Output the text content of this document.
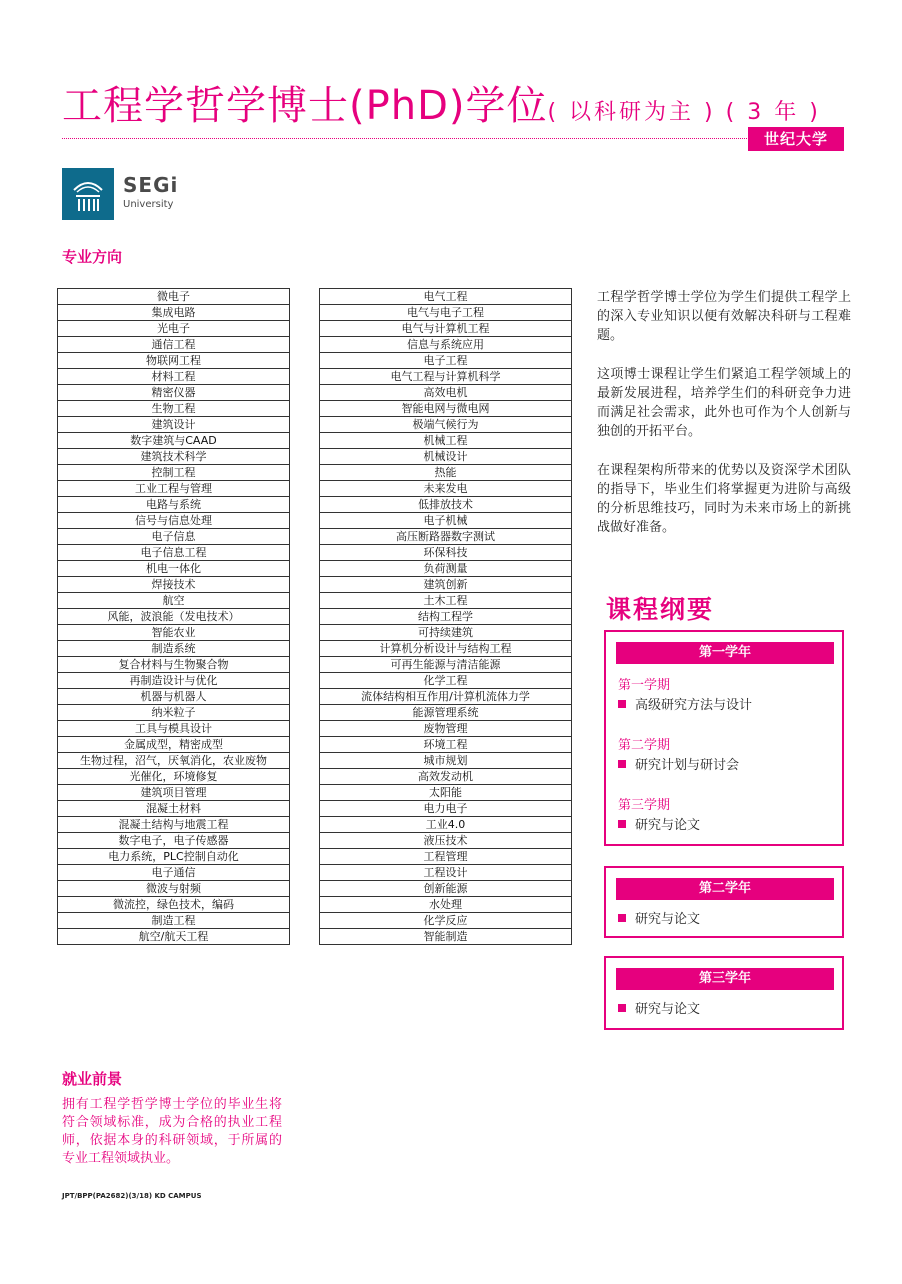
工程学哲学博士(PhD)学位( 以科研为主 ) ( 3 年 )
世纪大学
SEGi
University
专业方向
微电子
集成电路
光电子
通信工程
物联网工程
材料工程
精密仪器
生物工程
建筑设计
数字建筑与CAAD
建筑技术科学
控制工程
工业工程与管理
电路与系统
信号与信息处理
电子信息
电子信息工程
机电一体化
焊接技术
航空
风能，波浪能（发电技术）
智能农业
制造系统
复合材料与生物聚合物
再制造设计与优化
机器与机器人
纳米粒子
工具与模具设计
金属成型，精密成型
生物过程，沼气，厌氧消化，农业废物
光催化，环境修复
建筑项目管理
混凝土材料
混凝土结构与地震工程
数字电子，电子传感器
电力系统，PLC控制自动化
电子通信
微波与射频
微流控，绿色技术，编码
制造工程
航空/航天工程
电气工程
电气与电子工程
电气与计算机工程
信息与系统应用
电子工程
电气工程与计算机科学
高效电机
智能电网与微电网
极端气候行为
机械工程
机械设计
热能
未来发电
低排放技术
电子机械
高压断路器数字测试
环保科技
负荷测量
建筑创新
土木工程
结构工程学
可持续建筑
计算机分析设计与结构工程
可再生能源与清洁能源
化学工程
流体结构相互作用/计算机流体力学
能源管理系统
废物管理
环境工程
城市规划
高效发动机
太阳能
电力电子
工业4.0
液压技术
工程管理
工程设计
创新能源
水处理
化学反应
智能制造

工程学哲学博士学位为学生们提供工程学上的深入专业知识以便有效解决科研与工程难题。

这项博士课程让学生们紧追工程学领域上的最新发展进程，培养学生们的科研竞争力进而满足社会需求，此外也可作为个人创新与独创的开拓平台。

在课程架构所带来的优势以及资深学术团队的指导下，毕业生们将掌握更为进阶与高级的分析思维技巧，同时为未来市场上的新挑战做好准备。

课程纲要
第一学年
第一学期
高级研究方法与设计
第二学期
研究计划与研讨会
第三学期
研究与论文
第二学年
研究与论文
第三学年
研究与论文
就业前景

拥有工程学哲学博士学位的毕业生将符合领域标准，成为合格的执业工程师，依据本身的科研领域，于所属的专业工程领域执业。

JPT/BPP(PA2682)(3/18) KD CAMPUS
